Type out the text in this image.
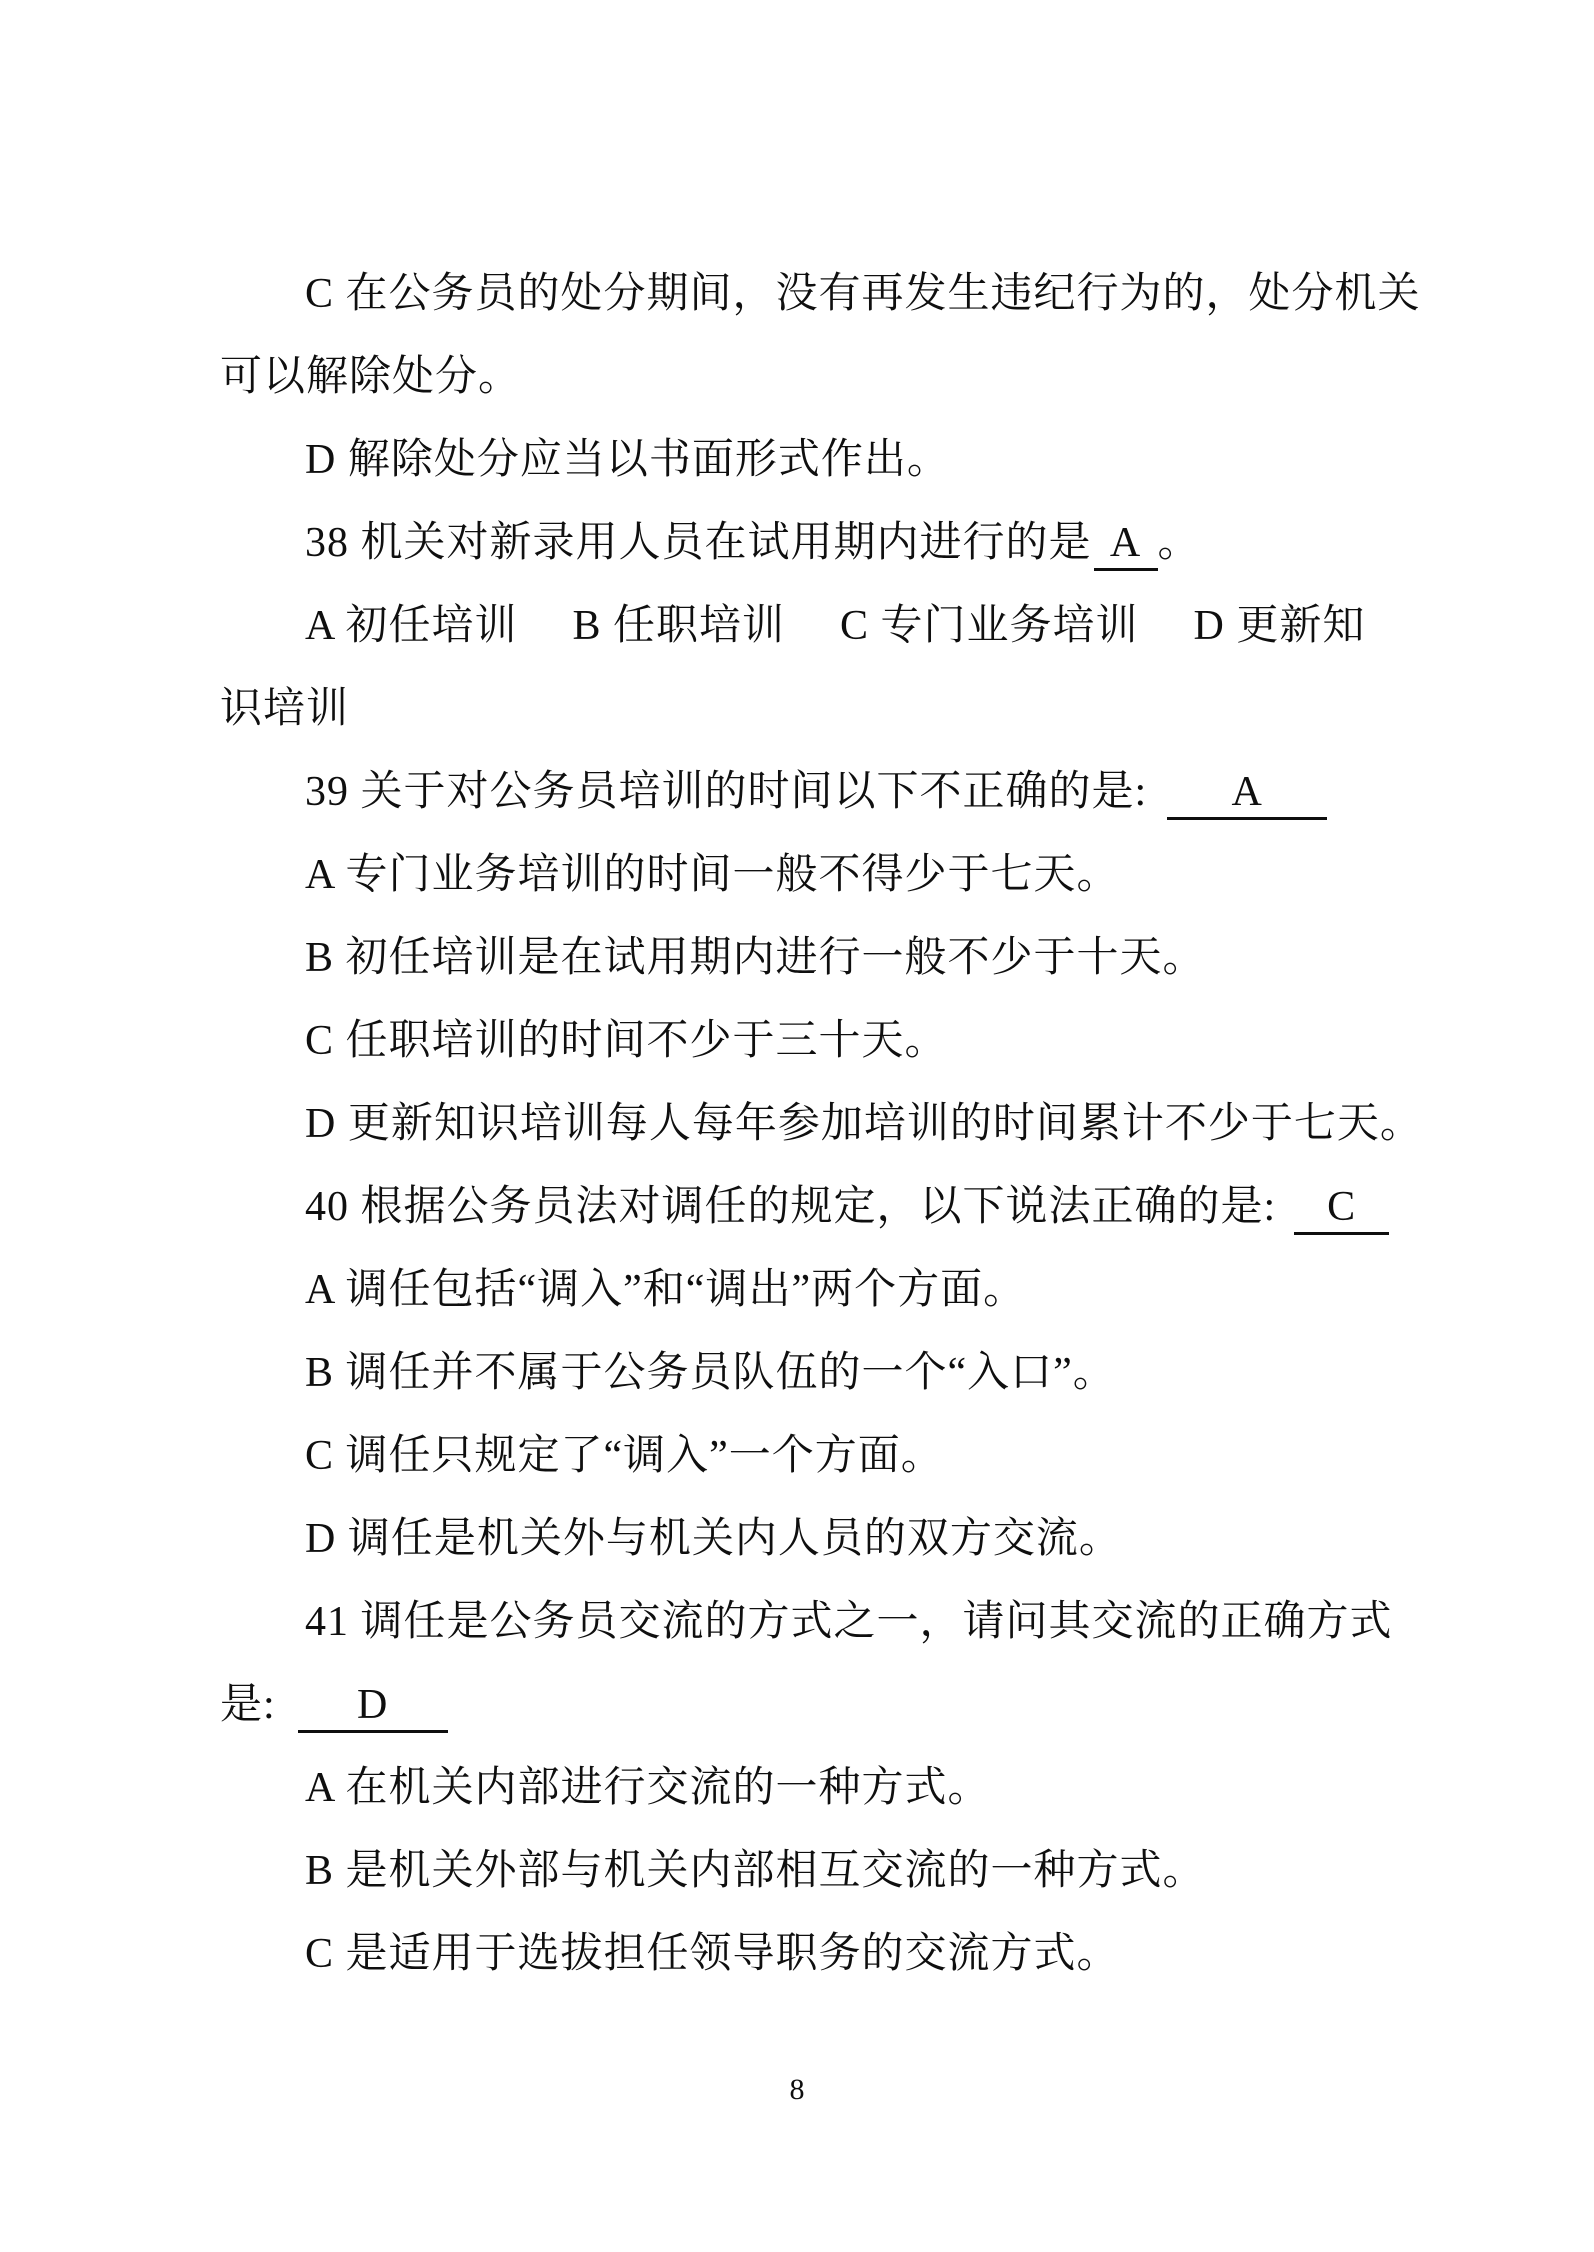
C 在公务员的处分期间，没有再发生违纪行为的，处分机关
可以解除处分。
D 解除处分应当以书面形式作出。
38 机关对新录用人员在试用期内进行的是 A 。
A 初任培训 B 任职培训 C 专门业务培训 D 更新知
识培训
39 关于对公务员培训的时间以下不正确的是: A
A 专门业务培训的时间一般不得少于七天。
B 初任培训是在试用期内进行一般不少于十天。
C 任职培训的时间不少于三十天。
D 更新知识培训每人每年参加培训的时间累计不少于七天。
40 根据公务员法对调任的规定，以下说法正确的是: C
A 调任包括“调入”和“调出”两个方面。
B 调任并不属于公务员队伍的一个“入口”。
C 调任只规定了“调入”一个方面。
D 调任是机关外与机关内人员的双方交流。
41 调任是公务员交流的方式之一，请问其交流的正确方式
是: D
A 在机关内部进行交流的一种方式。
B 是机关外部与机关内部相互交流的一种方式。
C 是适用于选拔担任领导职务的交流方式。
8
